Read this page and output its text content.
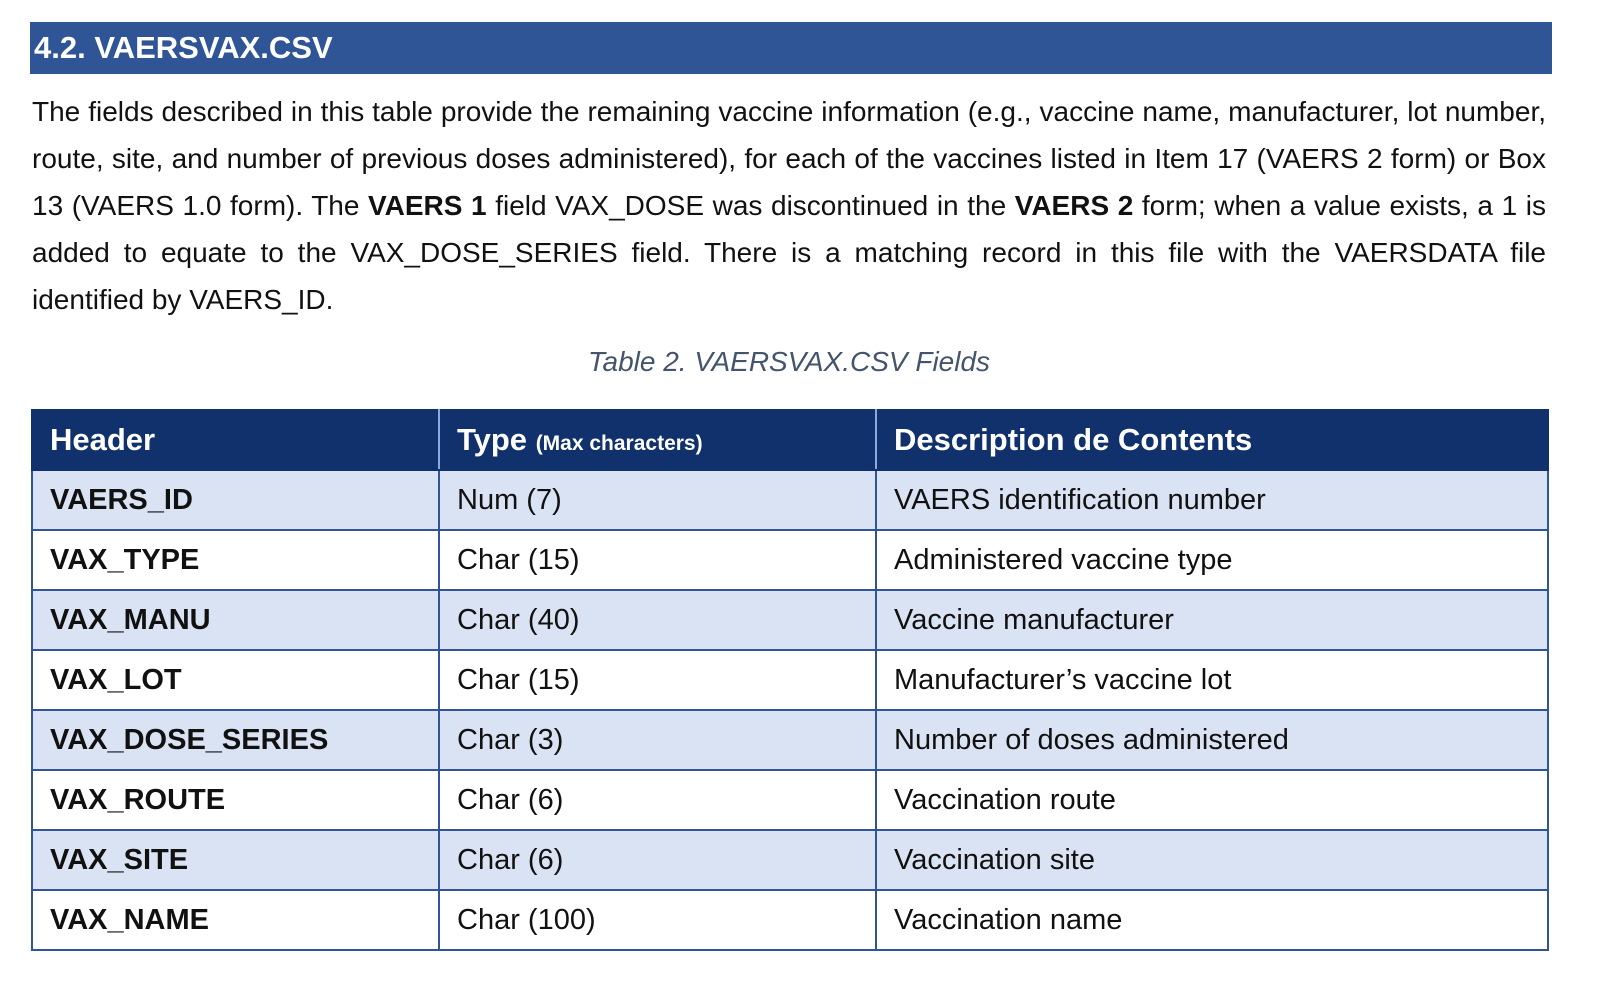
4.2. VAERSVAX.CSV

The fields described in this table provide the remaining vaccine information (e.g., vaccine name, manufacturer, lot number, route, site, and number of previous doses administered), for each of the vaccines listed in Item 17 (VAERS 2 form) or Box 13 (VAERS 1.0 form). The VAERS 1 field VAX_DOSE was discontinued in the VAERS 2 form; when a value exists, a 1 is added to equate to the VAX_DOSE_SERIES field. There is a matching record in this file with the VAERSDATA file identified by VAERS_ID.

Table 2. VAERSVAX.CSV Fields
Header	Type (Max characters)	Description de Contents
VAERS_ID	Num (7)	VAERS identification number
VAX_TYPE	Char (15)	Administered vaccine type
VAX_MANU	Char (40)	Vaccine manufacturer
VAX_LOT	Char (15)	Manufacturer’s vaccine lot
VAX_DOSE_SERIES	Char (3)	Number of doses administered
VAX_ROUTE	Char (6)	Vaccination route
VAX_SITE	Char (6)	Vaccination site
VAX_NAME	Char (100)	Vaccination name
